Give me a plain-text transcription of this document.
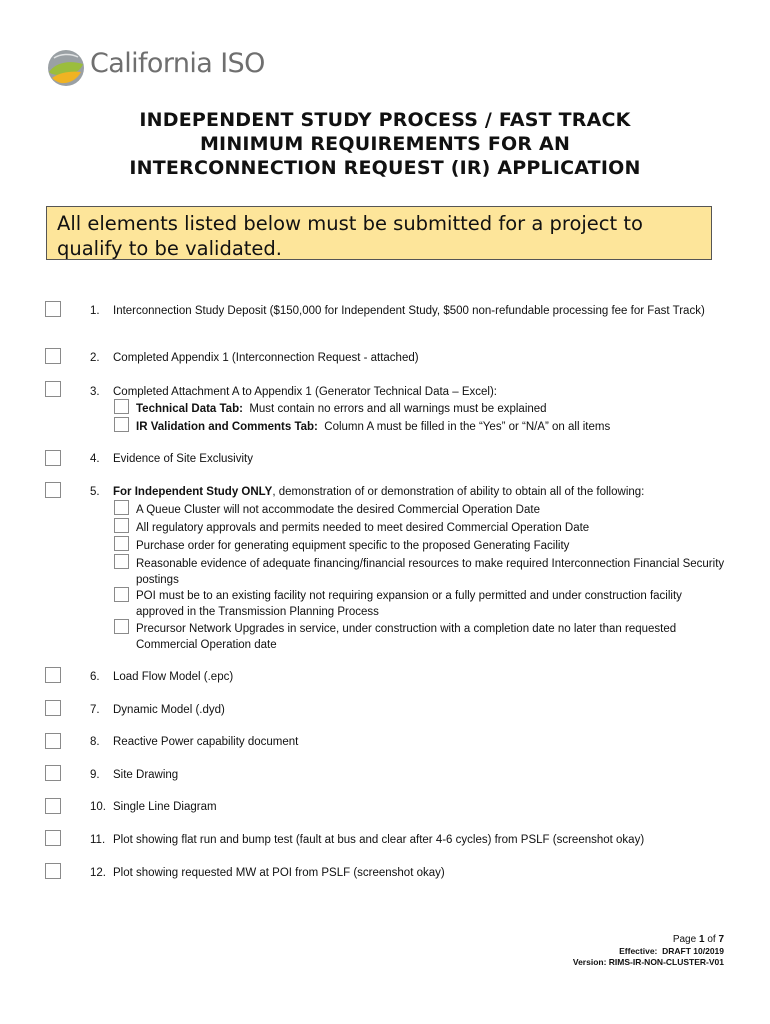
California ISO
INDEPENDENT STUDY PROCESS / FAST TRACK
MINIMUM REQUIREMENTS FOR AN
INTERCONNECTION REQUEST (IR) APPLICATION
All elements listed below must be submitted for a project to qualify to be validated.
1. Interconnection Study Deposit ($150,000 for Independent Study, $500 non-refundable processing fee for Fast Track)
2. Completed Appendix 1 (Interconnection Request - attached)
3. Completed Attachment A to Appendix 1 (Generator Technical Data – Excel):
Technical Data Tab:  Must contain no errors and all warnings must be explained
IR Validation and Comments Tab:  Column A must be filled in the “Yes” or “N/A” on all items
4. Evidence of Site Exclusivity
5. For Independent Study ONLY, demonstration of or demonstration of ability to obtain all of the following:
A Queue Cluster will not accommodate the desired Commercial Operation Date
All regulatory approvals and permits needed to meet desired Commercial Operation Date
Purchase order for generating equipment specific to the proposed Generating Facility
Reasonable evidence of adequate financing/financial resources to make required Interconnection Financial Security postings
POI must be to an existing facility not requiring expansion or a fully permitted and under construction facility approved in the Transmission Planning Process
Precursor Network Upgrades in service, under construction with a completion date no later than requested Commercial Operation date
6. Load Flow Model (.epc)
7. Dynamic Model (.dyd)
8. Reactive Power capability document
9. Site Drawing
10. Single Line Diagram
11. Plot showing flat run and bump test (fault at bus and clear after 4-6 cycles) from PSLF (screenshot okay)
12. Plot showing requested MW at POI from PSLF (screenshot okay)
Page 1 of 7
Effective:  DRAFT 10/2019
Version: RIMS-IR-NON-CLUSTER-V01
